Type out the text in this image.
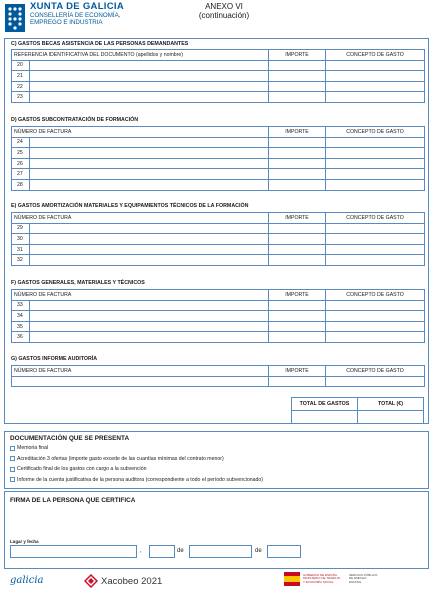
XUNTA DE GALICIA
CONSELLERÍA DE ECONOMÍA,
EMPREGO E INDUSTRIA
ANEXO VI
(continuación)
C) GASTOS BECAS ASISTENCIA DE LAS PERSONAS DEMANDANTES
REFERENCIA IDENTIFICATIVA DEL DOCUMENTO (apellidos y nombre)	IMPORTE	CONCEPTO DE GASTO
20			
21			
22			
23			
D) GASTOS SUBCONTRATACIÓN DE FORMACIÓN
NÚMERO DE FACTURA	IMPORTE	CONCEPTO DE GASTO
24			
25			
26			
27			
28			
E) GASTOS AMORTIZACIÓN MATERIALES Y EQUIPAMIENTOS TÉCNICOS DE LA FORMACIÓN
NÚMERO DE FACTURA	IMPORTE	CONCEPTO DE GASTO
29			
30			
31			
32			
F) GASTOS GENERALES, MATERIALES Y TÉCNICOS
NÚMERO DE FACTURA	IMPORTE	CONCEPTO DE GASTO
33			
34			
35			
36			
G) GASTOS INFORME AUDITORÍA
NÚMERO DE FACTURA	IMPORTE	CONCEPTO DE GASTO

TOTAL DE GASTOS	TOTAL (€)

DOCUMENTACIÓN QUE SE PRESENTA
Memoria final
Acreditación 3 ofertas (importe gasto excede de las cuantías mínimas del contrato menor)
Certificado final de los gastos con cargo a la subvención
Informe de la cuenta justificativa de la persona auditora (correspondiente a todo el período subvencionado)
FIRMA DE LA PERSONA QUE CERTIFICA
Lugar y fecha
,	de	de
galicia	Xacobeo 2021
GOBIERNO DE ESPAÑA
MINISTERIO DE TRABAJO Y ECONOMÍA SOCIAL
SERVICIO PÚBLICO DE EMPLEO ESTATAL
